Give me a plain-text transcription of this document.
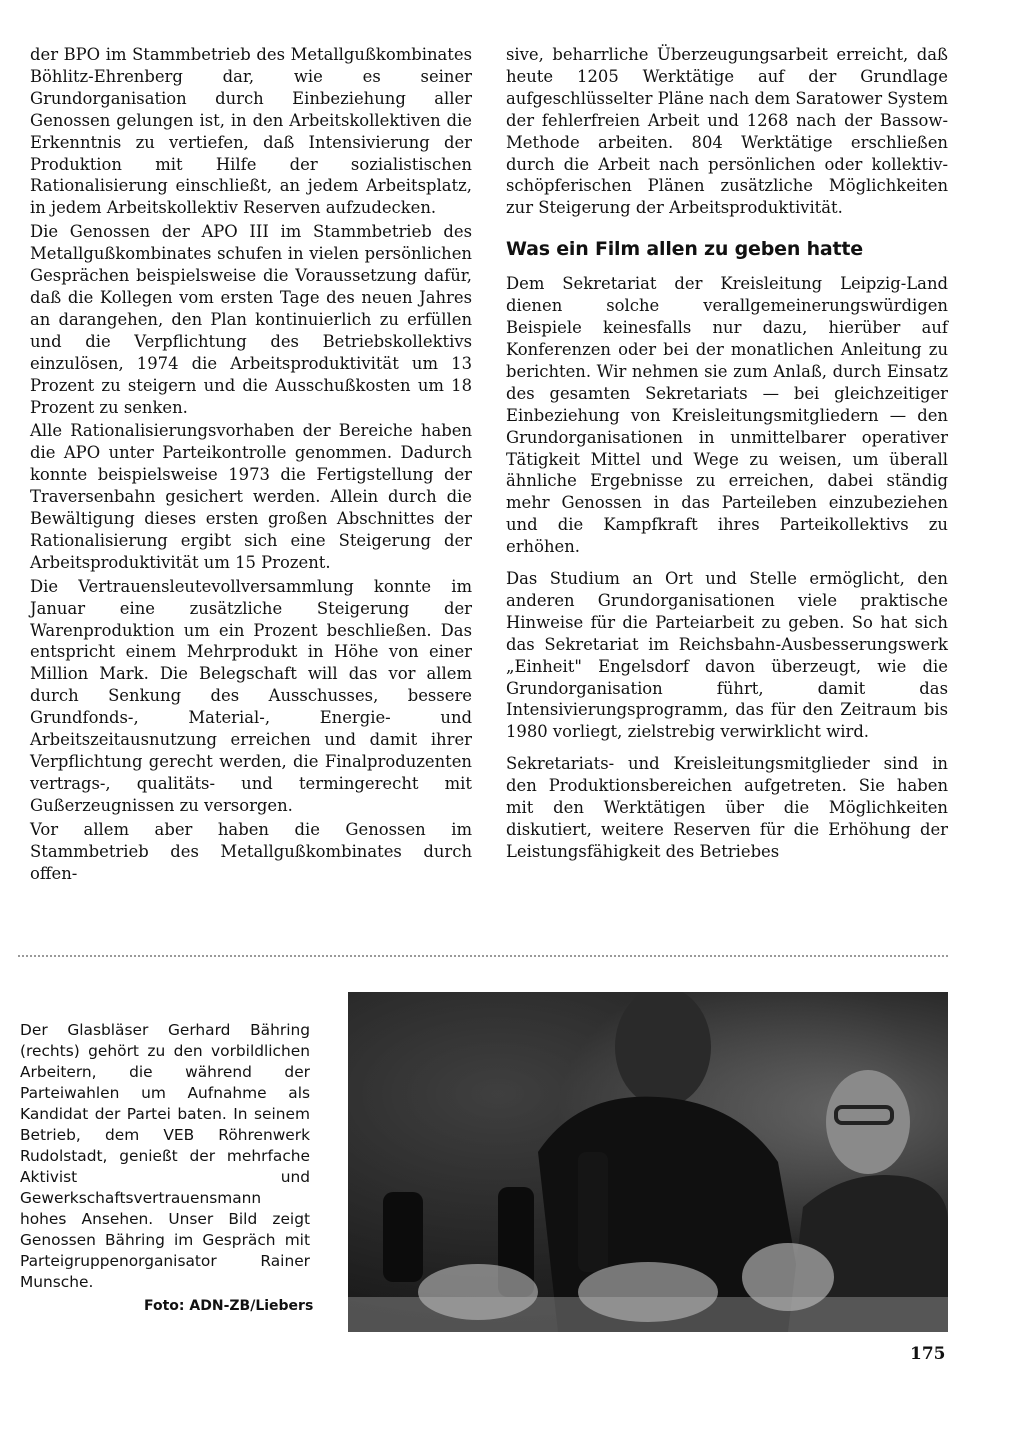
der BPO im Stammbetrieb des Metallgußkombinates Böhlitz-Ehrenberg dar, wie es seiner Grundorganisation durch Einbeziehung aller Genossen gelungen ist, in den Arbeitskollektiven die Erkenntnis zu vertiefen, daß Intensivierung der Produktion mit Hilfe der sozialistischen Rationalisierung einschließt, an jedem Arbeitsplatz, in jedem Arbeitskollektiv Reserven aufzudecken.

Die Genossen der APO III im Stammbetrieb des Metallgußkombinates schufen in vielen persönlichen Gesprächen beispielsweise die Voraussetzung dafür, daß die Kollegen vom ersten Tage des neuen Jahres an darangehen, den Plan kontinuierlich zu erfüllen und die Verpflichtung des Betriebskollektivs einzulösen, 1974 die Arbeitsproduktivität um 13 Prozent zu steigern und die Ausschußkosten um 18 Prozent zu senken.

Alle Rationalisierungsvorhaben der Bereiche haben die APO unter Parteikontrolle genommen. Dadurch konnte beispielsweise 1973 die Fertigstellung der Traversenbahn gesichert werden. Allein durch die Bewältigung dieses ersten großen Abschnittes der Rationalisierung ergibt sich eine Steigerung der Arbeitsproduktivität um 15 Prozent.

Die Vertrauensleutevollversammlung konnte im Januar eine zusätzliche Steigerung der Warenproduktion um ein Prozent beschließen. Das entspricht einem Mehrprodukt in Höhe von einer Million Mark. Die Belegschaft will das vor allem durch Senkung des Ausschusses, bessere Grundfonds-, Material-, Energie- und Arbeitszeitausnutzung erreichen und damit ihrer Verpflichtung gerecht werden, die Finalproduzenten vertrags-, qualitäts- und termingerecht mit Gußerzeugnissen zu versorgen.

Vor allem aber haben die Genossen im Stammbetrieb des Metallgußkombinates durch offen-

sive, beharrliche Überzeugungsarbeit erreicht, daß heute 1205 Werktätige auf der Grundlage aufgeschlüsselter Pläne nach dem Saratower System der fehlerfreien Arbeit und 1268 nach der Bassow-Methode arbeiten. 804 Werktätige erschließen durch die Arbeit nach persönlichen oder kollektiv-schöpferischen Plänen zusätzliche Möglichkeiten zur Steigerung der Arbeitsproduktivität.

Was ein Film allen zu geben hatte

Dem Sekretariat der Kreisleitung Leipzig-Land dienen solche verallgemeinerungswürdigen Beispiele keinesfalls nur dazu, hierüber auf Konferenzen oder bei der monatlichen Anleitung zu berichten. Wir nehmen sie zum Anlaß, durch Einsatz des gesamten Sekretariats — bei gleichzeitiger Einbeziehung von Kreisleitungsmitgliedern — den Grundorganisationen in unmittelbarer operativer Tätigkeit Mittel und Wege zu weisen, um überall ähnliche Ergebnisse zu erreichen, dabei ständig mehr Genossen in das Parteileben einzubeziehen und die Kampfkraft ihres Parteikollektivs zu erhöhen.

Das Studium an Ort und Stelle ermöglicht, den anderen Grundorganisationen viele praktische Hinweise für die Parteiarbeit zu geben. So hat sich das Sekretariat im Reichsbahn-Ausbesserungswerk „Einheit" Engelsdorf davon überzeugt, wie die Grundorganisation führt, damit das Intensivierungsprogramm, das für den Zeitraum bis 1980 vorliegt, zielstrebig verwirklicht wird.

Sekretariats- und Kreisleitungsmitglieder sind in den Produktionsbereichen aufgetreten. Sie haben mit den Werktätigen über die Möglichkeiten diskutiert, weitere Reserven für die Erhöhung der Leistungsfähigkeit des Betriebes

Der Glasbläser Gerhard Bähring (rechts) gehört zu den vorbildlichen Arbeitern, die während der Parteiwahlen um Aufnahme als Kandidat der Partei baten. In seinem Betrieb, dem VEB Röhrenwerk Rudolstadt, genießt der mehrfache Aktivist und Gewerkschaftsvertrauensmann hohes Ansehen. Unser Bild zeigt Genossen Bähring im Gespräch mit Parteigruppenorganisator Rainer Munsche.

Foto: ADN-ZB/Liebers
175
